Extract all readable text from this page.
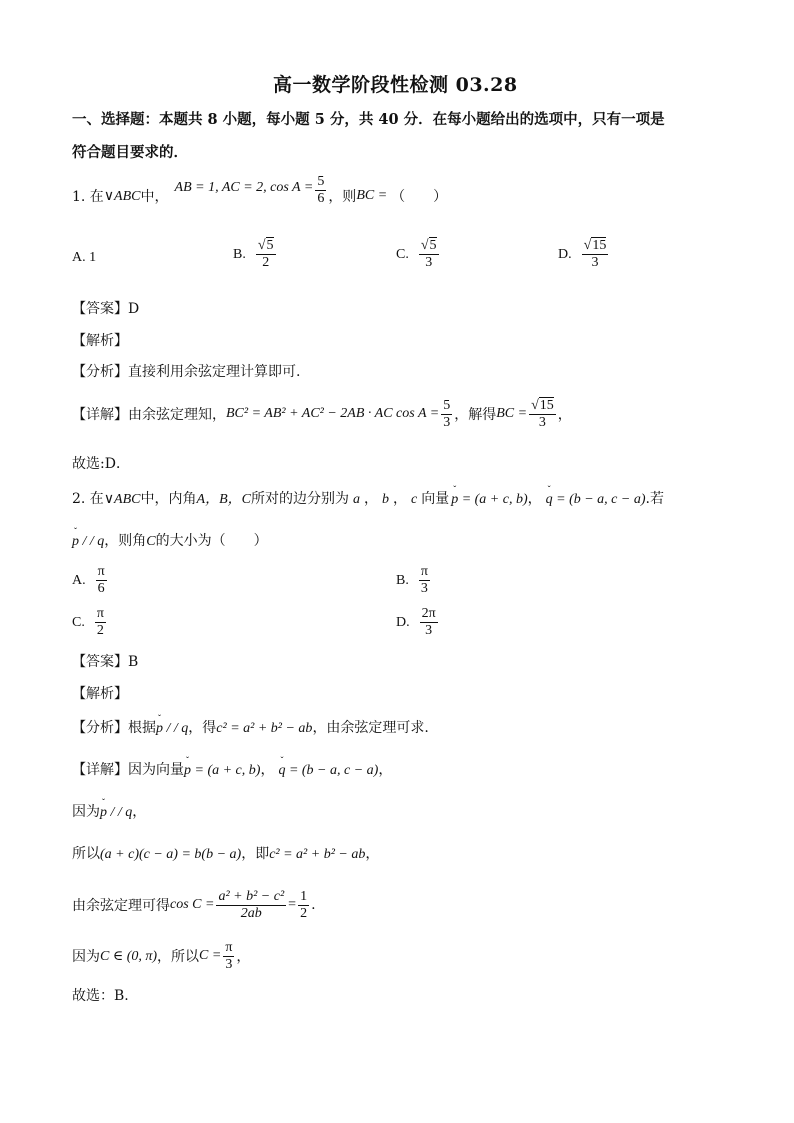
高一数学阶段性检测 03.28
一、选择题：本题共 8 小题，每小题 5 分，共 40 分．在每小题给出的选项中，只有一项是
符合题目要求的．
1. 在 ∨ABC 中，
AB = 1, AC = 2, $\cos A = \frac{5}{6}$ ，则 BC = （　　）
A. 1	B. $\frac{√5}{2}$	C. $\frac{√5}{3}$	D. $\frac{√15}{3}$
【答案】D
【解析】
【分析】直接利用余弦定理计算即可.
【详解】由余弦定理知， BC² = AB² + AC² − 2AB · AC $\cos A = \frac{5}{3}$ ，解得 BC = $\frac{√15}{3}$ ，
故选:D．
2. 在∨ABC中，内角A，B，C所对的边分别为 a ， b ， c 向量 ˇ p = (a + c, b)， ˇ q = (b − a, c − a).若
ˇ p / / q，则角C的大小为（　　）
A. $\frac{\pi}{6}$	B. $\frac{\pi}{3}$
C. $\frac{\pi}{2}$	D. $\frac{2\pi}{3}$
【答案】B
【解析】
【分析】根据ˇ p / / q，得c² = a² + b² − ab，由余弦定理可求.
【详解】因为向量ˇ p = (a + c, b)， ˇ q = (b − a, c − a)，
因为ˇ p / / q，
所以(a + c)(c − a) = b(b − a)，即c² = a² + b² − ab，
由余弦定理可得 $\cos C = \frac{\text{a² + b² − c²}}{2ab} = \frac{1}{2}$ .
因为 C ∈ (0, π) ，所以 $C = \frac{\pi}{3}$ ，
故选：B.
